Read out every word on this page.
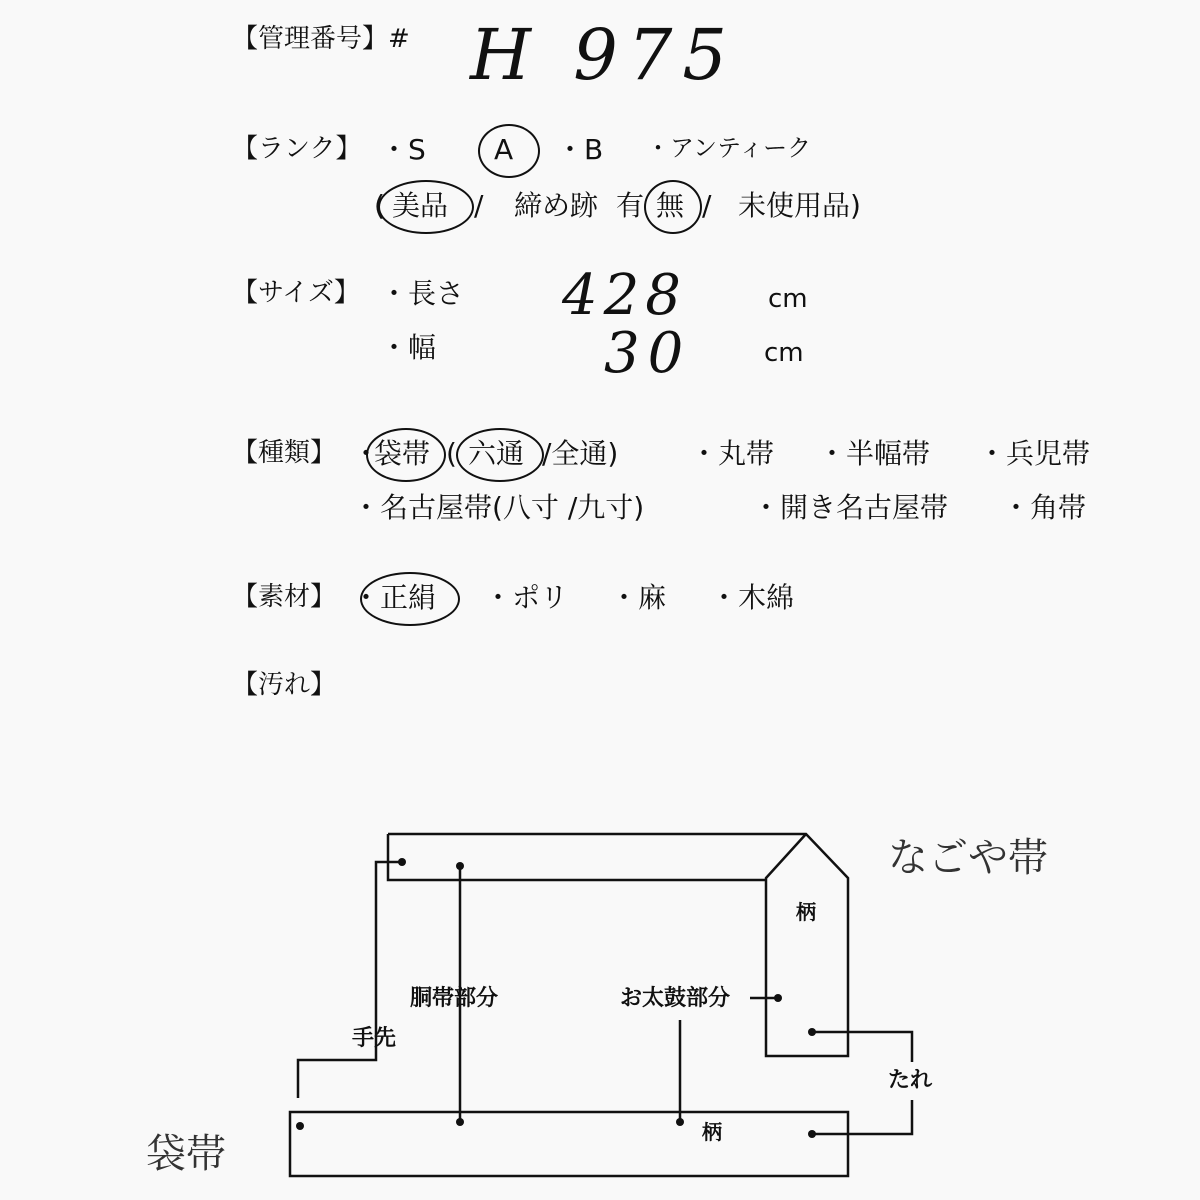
【管理番号】# H 975
【ランク】 ・S A ・B ・アンティーク
( 美品 / 締め跡 有 無 / 未使用品)
【サイズ】 ・長さ 428	cm
・幅	30	cm
【種類】 ・
袋帯 ( 六通 /全通)	・丸帯 ・半幅帯 ・兵児帯
・名古屋帯(八寸 /九寸)	・開き名古屋帯 ・角帯
【素材】 ・ 正絹 ・ポリ ・麻 ・木綿
【汚れ】
なごや帯
袋帯
柄
柄
胴帯部分	お太鼓部分
手先
たれ
